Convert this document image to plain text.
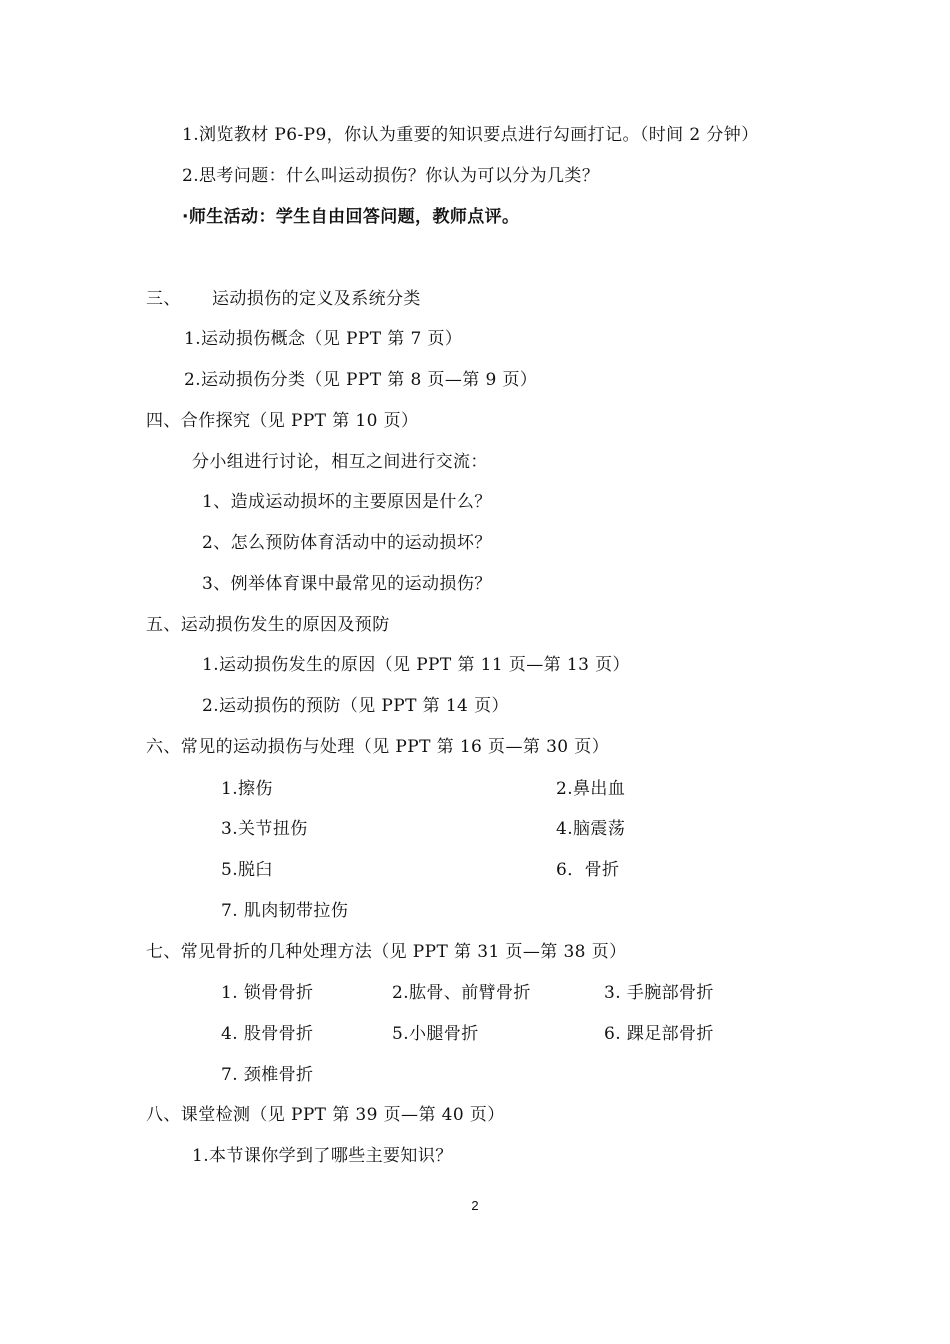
1.浏览教材 P6-P9，你认为重要的知识要点进行勾画打记。（时间 2 分钟）
2.思考问题：什么叫运动损伤？你认为可以分为几类？
·师生活动：学生自由回答问题，教师点评。
三、 运动损伤的定义及系统分类
1.运动损伤概念（见 PPT 第 7 页）
2.运动损伤分类（见 PPT 第 8 页—第 9 页）
四、合作探究（见 PPT 第 10 页）
分小组进行讨论，相互之间进行交流：
1、造成运动损坏的主要原因是什么？
2、怎么预防体育活动中的运动损坏？
3、例举体育课中最常见的运动损伤？
五、运动损伤发生的原因及预防
1.运动损伤发生的原因（见 PPT 第 11 页—第 13 页）
2.运动损伤的预防（见 PPT 第 14 页）
六、常见的运动损伤与处理（见 PPT 第 16 页—第 30 页）
1.擦伤	2.鼻出血
3.关节扭伤	4.脑震荡
5.脱臼	6．骨折
7. 肌肉韧带拉伤
七、常见骨折的几种处理方法（见 PPT 第 31 页—第 38 页）
1. 锁骨骨折	2.肱骨、前臂骨折	3. 手腕部骨折
4. 股骨骨折	5.小腿骨折	6. 踝足部骨折
7. 颈椎骨折
八、课堂检测（见 PPT 第 39 页—第 40 页）
1.本节课你学到了哪些主要知识？
2
